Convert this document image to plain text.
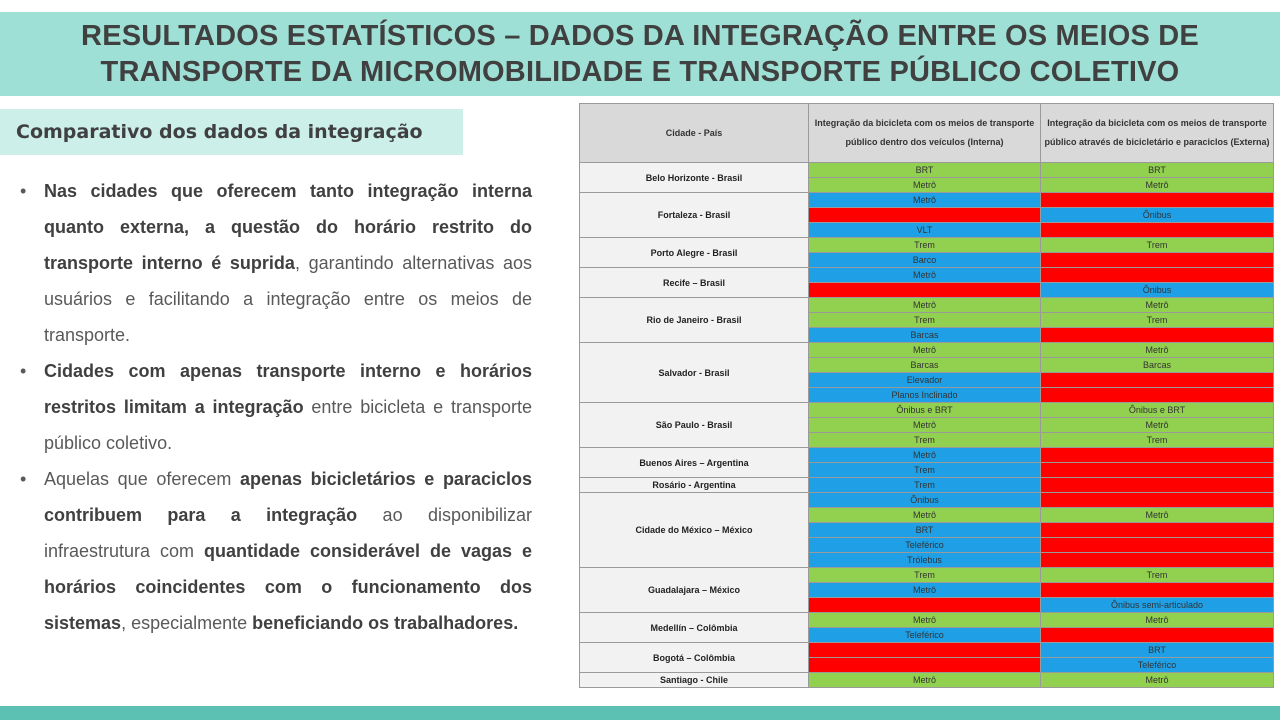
RESULTADOS ESTATÍSTICOS – DADOS DA INTEGRAÇÃO ENTRE OS MEIOS DE
TRANSPORTE DA MICROMOBILIDADE E TRANSPORTE PÚBLICO COLETIVO
Comparativo dos dados da integração
• Nas cidades que oferecem tanto integração interna quanto externa, a questão do horário restrito do transporte interno é suprida, garantindo alternativas aos usuários e facilitando a integração entre os meios de transporte.
• Cidades com apenas transporte interno e horários restritos limitam a integração entre bicicleta e transporte público coletivo.
• Aquelas que oferecem apenas bicicletários e paraciclos contribuem para a integração ao disponibilizar infraestrutura com quantidade considerável de vagas e horários coincidentes com o funcionamento dos sistemas, especialmente beneficiando os trabalhadores.
Cidade - País	Integração da bicicleta com os meios de transporte público dentro dos veículos (Interna)	Integração da bicicleta com os meios de transporte público através de bicicletário e paraciclos (Externa)
Belo Horizonte - Brasil	BRT	BRT
	Metrô	Metrô
Fortaleza - Brasil	Metrô	
		Ônibus
	VLT	
Porto Alegre - Brasil	Trem	Trem
	Barco	
Recife – Brasil	Metrô	
		Ônibus
Rio de Janeiro - Brasil	Metrô	Metrô
	Trem	Trem
	Barcas	
Salvador - Brasil	Metrô	Metrô
	Barcas	Barcas
	Elevador	
	Planos Inclinado	
São Paulo - Brasil	Ônibus e BRT	Ônibus e BRT
	Metrô	Metrô
	Trem	Trem
Buenos Aires – Argentina	Metrô	
	Trem	
Rosário - Argentina	Trem	
Cidade do México – México	Ônibus	
	Metrô	Metrô
	BRT	
	Teleférico	
	Trólebus	
Guadalajara – México	Trem	Trem
	Metrô	
		Ônibus semi-articulado
Medellín – Colômbia	Metrô	Metrô
	Teleférico	
Bogotá – Colômbia		BRT
		Teleférico
Santiago - Chile	Metrô	Metrô
